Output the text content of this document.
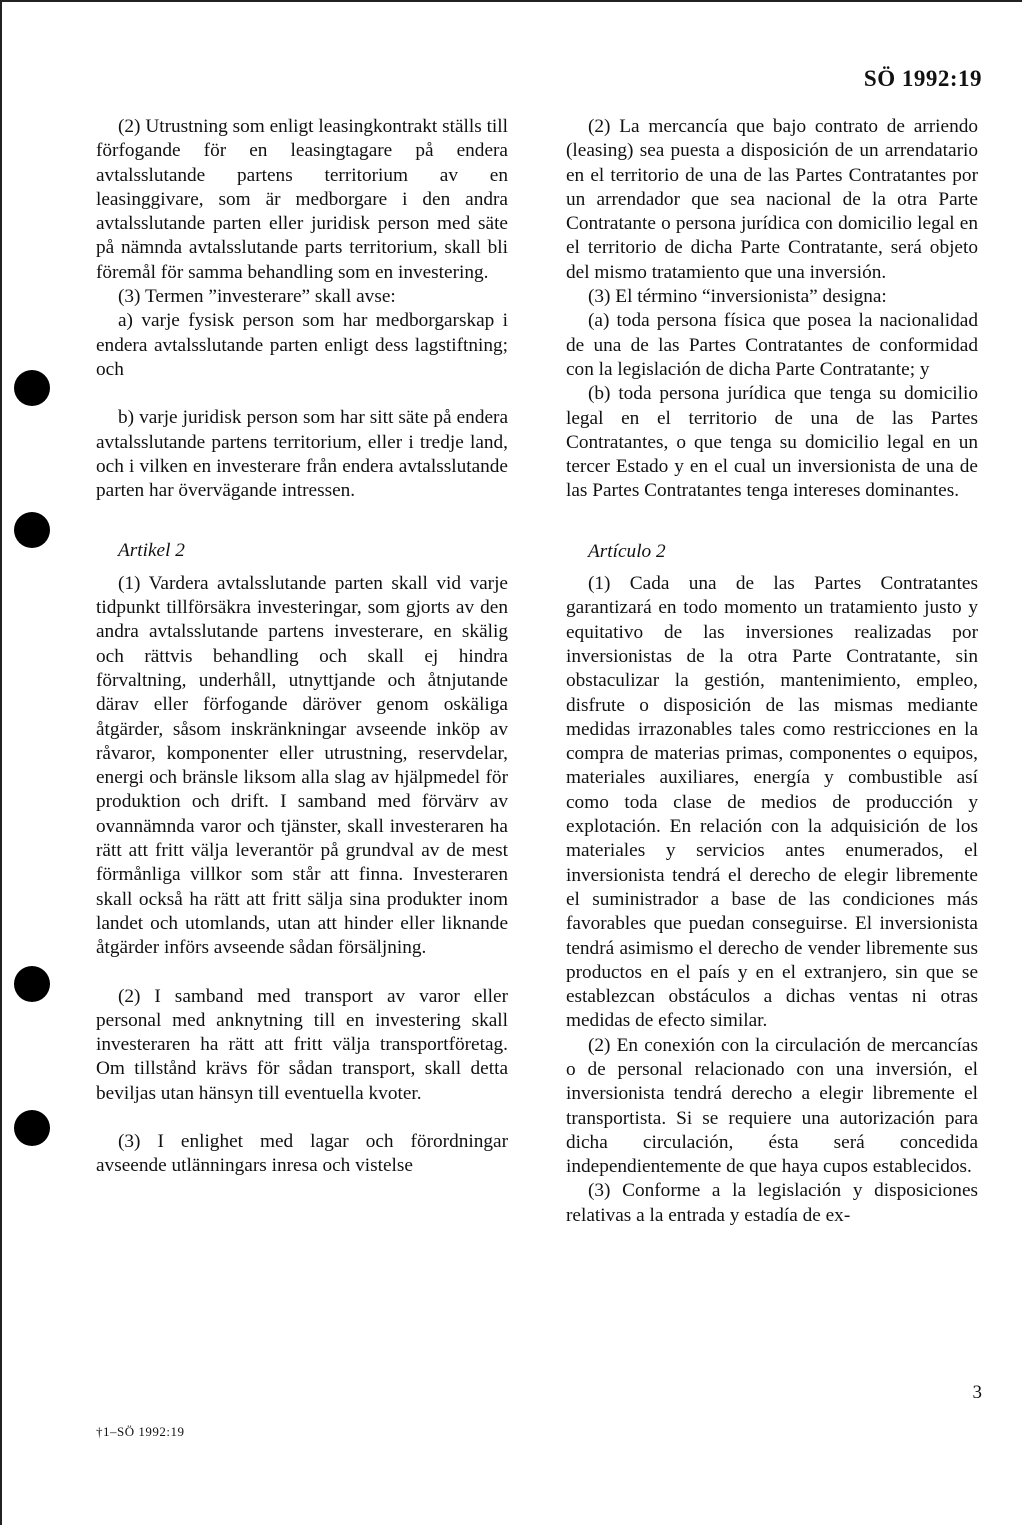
SÖ 1992:19

(2) Utrustning som enligt leasingkontrakt ställs till förfogande för en leasingtagare på endera avtalsslutande partens territorium av en leasinggivare, som är medborgare i den andra avtalsslutande parten eller juridisk person med säte på nämnda avtalsslutande parts territorium, skall bli föremål för samma behandling som en investering.

(3) Termen ”investerare” skall avse:

a) varje fysisk person som har medborgarskap i endera avtalsslutande parten enligt dess lagstiftning; och

b) varje juridisk person som har sitt säte på endera avtalsslutande partens territorium, eller i tredje land, och i vilken en investerare från endera avtalsslutande parten har övervägande intressen.

Artikel 2

(1) Vardera avtalsslutande parten skall vid varje tidpunkt tillförsäkra investeringar, som gjorts av den andra avtalsslutande partens investerare, en skälig och rättvis behandling och skall ej hindra förvaltning, underhåll, utnyttjande och åtnjutande därav eller förfogande däröver genom oskäliga åtgärder, såsom inskränkningar avseende inköp av råvaror, komponenter eller utrustning, reservdelar, energi och bränsle liksom alla slag av hjälpmedel för produktion och drift. I samband med förvärv av ovannämnda varor och tjänster, skall investeraren ha rätt att fritt välja leverantör på grundval av de mest förmånliga villkor som står att finna. Investeraren skall också ha rätt att fritt sälja sina produkter inom landet och utomlands, utan att hinder eller liknande åtgärder införs avseende sådan försäljning.

(2) I samband med transport av varor eller personal med anknytning till en investering skall investeraren ha rätt att fritt välja transportföretag. Om tillstånd krävs för sådan transport, skall detta beviljas utan hänsyn till eventuella kvoter.

(3) I enlighet med lagar och förordningar avseende utlänningars inresa och vistelse

(2) La mercancía que bajo contrato de arriendo (leasing) sea puesta a disposición de un arrendatario en el territorio de una de las Partes Contratantes por un arrendador que sea nacional de la otra Parte Contratante o persona jurídica con domicilio legal en el territorio de dicha Parte Contratante, será objeto del mismo tratamiento que una inversión.

(3) El término “inversionista” designa:

(a) toda persona física que posea la nacionalidad de una de las Partes Contratantes de conformidad con la legislación de dicha Parte Contratante; y

(b) toda persona jurídica que tenga su domicilio legal en el territorio de una de las Partes Contratantes, o que tenga su domicilio legal en un tercer Estado y en el cual un inversionista de una de las Partes Contratantes tenga intereses dominantes.

Artículo 2

(1) Cada una de las Partes Contratantes garantizará en todo momento un tratamiento justo y equitativo de las inversiones realizadas por inversionistas de la otra Parte Contratante, sin obstaculizar la gestión, mantenimiento, empleo, disfrute o disposición de las mismas mediante medidas irrazonables tales como restricciones en la compra de materias primas, componentes o equipos, materiales auxiliares, energía y combustible así como toda clase de medios de producción y explotación. En relación con la adquisición de los materiales y servicios antes enumerados, el inversionista tendrá el derecho de elegir libremente el suministrador a base de las condiciones más favorables que puedan conseguirse. El inversionista tendrá asimismo el derecho de vender libremente sus productos en el país y en el extranjero, sin que se establezcan obstáculos a dichas ventas ni otras medidas de efecto similar.

(2) En conexión con la circulación de mercancías o de personal relacionado con una inversión, el inversionista tendrá derecho a elegir libremente el transportista. Si se requiere una autorización para dicha circulación, ésta será concedida independientemente de que haya cupos establecidos.

(3) Conforme a la legislación y disposiciones relativas a la entrada y estadía de ex-

3
†1–SÖ 1992:19
